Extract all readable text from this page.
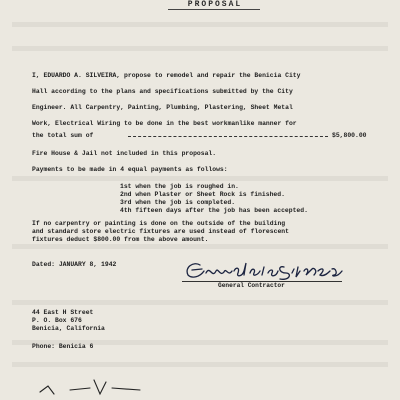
PROPOSAL
I, EDUARDO A. SILVEIRA, propose to remodel and repair the Benicia City
Hall according to the plans and specifications submitted by the City
Engineer. All Carpentry, Painting, Plumbing, Plastering, Sheet Metal
Work, Electrical Wiring to be done in the best workmanlike manner for
the total sum of	$5,800.00
Fire House & Jail not included in this proposal.
Payments to be made in 4 equal payments as follows:
1st when the job is roughed in.
2nd when Plaster or Sheet Rock is finished.
3rd when the job is completed.
4th fifteen days after the job has been accepted.
If no carpentry or painting is done on the outside of the building
and standard store electric fixtures are used instead of florescent
fixtures deduct $800.00 from the above amount.
Dated: JANUARY 8, 1942
General Contractor
44 East H Street
P. O. Box 676
Benicia, California
Phone: Benicia 6
